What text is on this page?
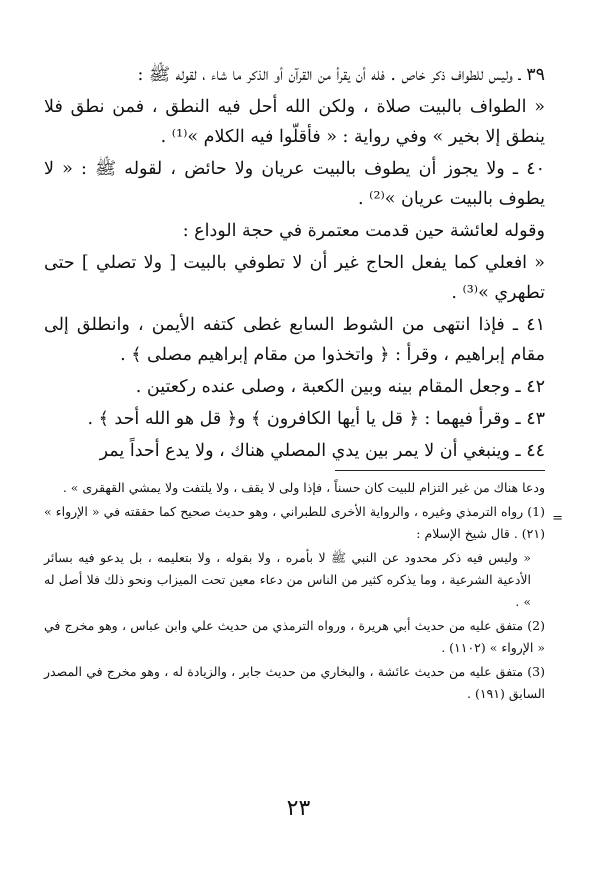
٣٩ ـ وليس للطواف ذكر خاص . فله أن يقرأ من القرآن أو الذكر ما شاء ، لقوله ﷺ :

« الطواف بالبيت صلاة ، ولكن الله أحل فيه النطق ، فمن نطق فلا ينطق إلا بخير » وفي رواية : « فأقلّوا فيه الكلام »⁽¹⁾ .

٤٠ ـ ولا يجوز أن يطوف بالبيت عريان ولا حائض ، لقوله ﷺ : « لا يطوف بالبيت عريان »⁽²⁾ .

وقوله لعائشة حين قدمت معتمرة في حجة الوداع :

« افعلي كما يفعل الحاج غير أن لا تطوفي بالبيت [ ولا تصلي ] حتى تطهري »⁽³⁾ .

٤١ ـ فإذا انتهى من الشوط السابع غطى كتفه الأيمن ، وانطلق إلى مقام إبراهيم ، وقرأ : ﴿ واتخذوا من مقام إبراهيم مصلى ﴾ .

٤٢ ـ وجعل المقام بينه وبين الكعبة ، وصلى عنده ركعتين .

٤٣ ـ وقرأ فيهما : ﴿ قل يا أيها الكافرون ﴾ و﴿ قل هو الله أحد ﴾ .

٤٤ ـ وينبغي أن لا يمر بين يدي المصلي هناك ، ولا يدع أحداً يمر

=

ودعا هناك من غير التزام للبيت كان حسناً ، فإذا ولى لا يقف ، ولا يلتفت ولا يمشي القهقرى » .

(1) رواه الترمذي وغيره ، والرواية الأخرى للطبراني ، وهو حديث صحيح كما حققته في « الإرواء » (٢١) . قال شيخ الإسلام :

« وليس فيه ذكر محدود عن النبي ﷺ لا بأمره ، ولا بقوله ، ولا بتعليمه ، بل يدعو فيه بسائر الأدعية الشرعية ، وما يذكره كثير من الناس من دعاء معين تحت الميزاب ونحو ذلك فلا أصل له » .

(2) متفق عليه من حديث أبي هريرة ، ورواه الترمذي من حديث علي وابن عباس ، وهو مخرج في « الإرواء » (١١٠٢) .

(3) متفق عليه من حديث عائشة ، والبخاري من حديث جابر ، والزيادة له ، وهو مخرج في المصدر السابق (١٩١) .

٢٣
